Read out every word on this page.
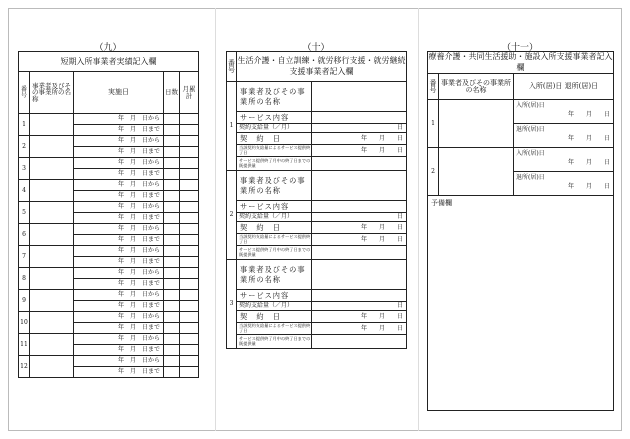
（九）
短期入所事業者実績記入欄				
番号	事業者及びその事業所の名称	実施日	日数	月累計
1		年　月　日から		
		年　月　日まで		
2		年　月　日から		
		年　月　日まで		
3		年　月　日から		
		年　月　日まで		
4		年　月　日から		
		年　月　日まで		
5		年　月　日から		
		年　月　日まで		
6		年　月　日から		
		年　月　日まで		
7		年　月　日から		
		年　月　日まで		
8		年　月　日から		
		年　月　日まで		
9		年　月　日から		
		年　月　日まで		
10		年　月　日から		
		年　月　日まで		
11		年　月　日から		
		年　月　日まで		
12		年　月　日から		
		年　月　日まで		
（十）
番号	生活介護・自立訓練・就労移行支援・就労継続支援事業者記入欄	
1	事業者及びその事業所の名称	
	サービス内容	
	契約支給量（／月）	日
	契　約　日	年　　月　　日
	当該契約支給量によるサービス提供終了日	年　　月　　日
	サービス提供終了月中の終了日までの既提供量	
2	事業者及びその事業所の名称	
	サービス内容	
	契約支給量（／月）	日
	契　約　日	年　　月　　日
	当該契約支給量によるサービス提供終了日	年　　月　　日
	サービス提供終了月中の終了日までの既提供量	
3	事業者及びその事業所の名称	
	サービス内容	
	契約支給量（／月）	日
	契　約　日	年　　月　　日
	当該契約支給量によるサービス提供終了日	年　　月　　日
	サービス提供終了月中の終了日までの既提供量	
（十一）
療養介護・共同生活援助・施設入所支援事業者記入欄		
番号	事業者及びその事業所の名称	入所(居)日 退所(居)日
1		入所(居)日
年　　月　　日

		退所(居)日
年　　月　　日

2		入所(居)日
年　　月　　日

		退所(居)日
年　　月　　日

予備欄		
